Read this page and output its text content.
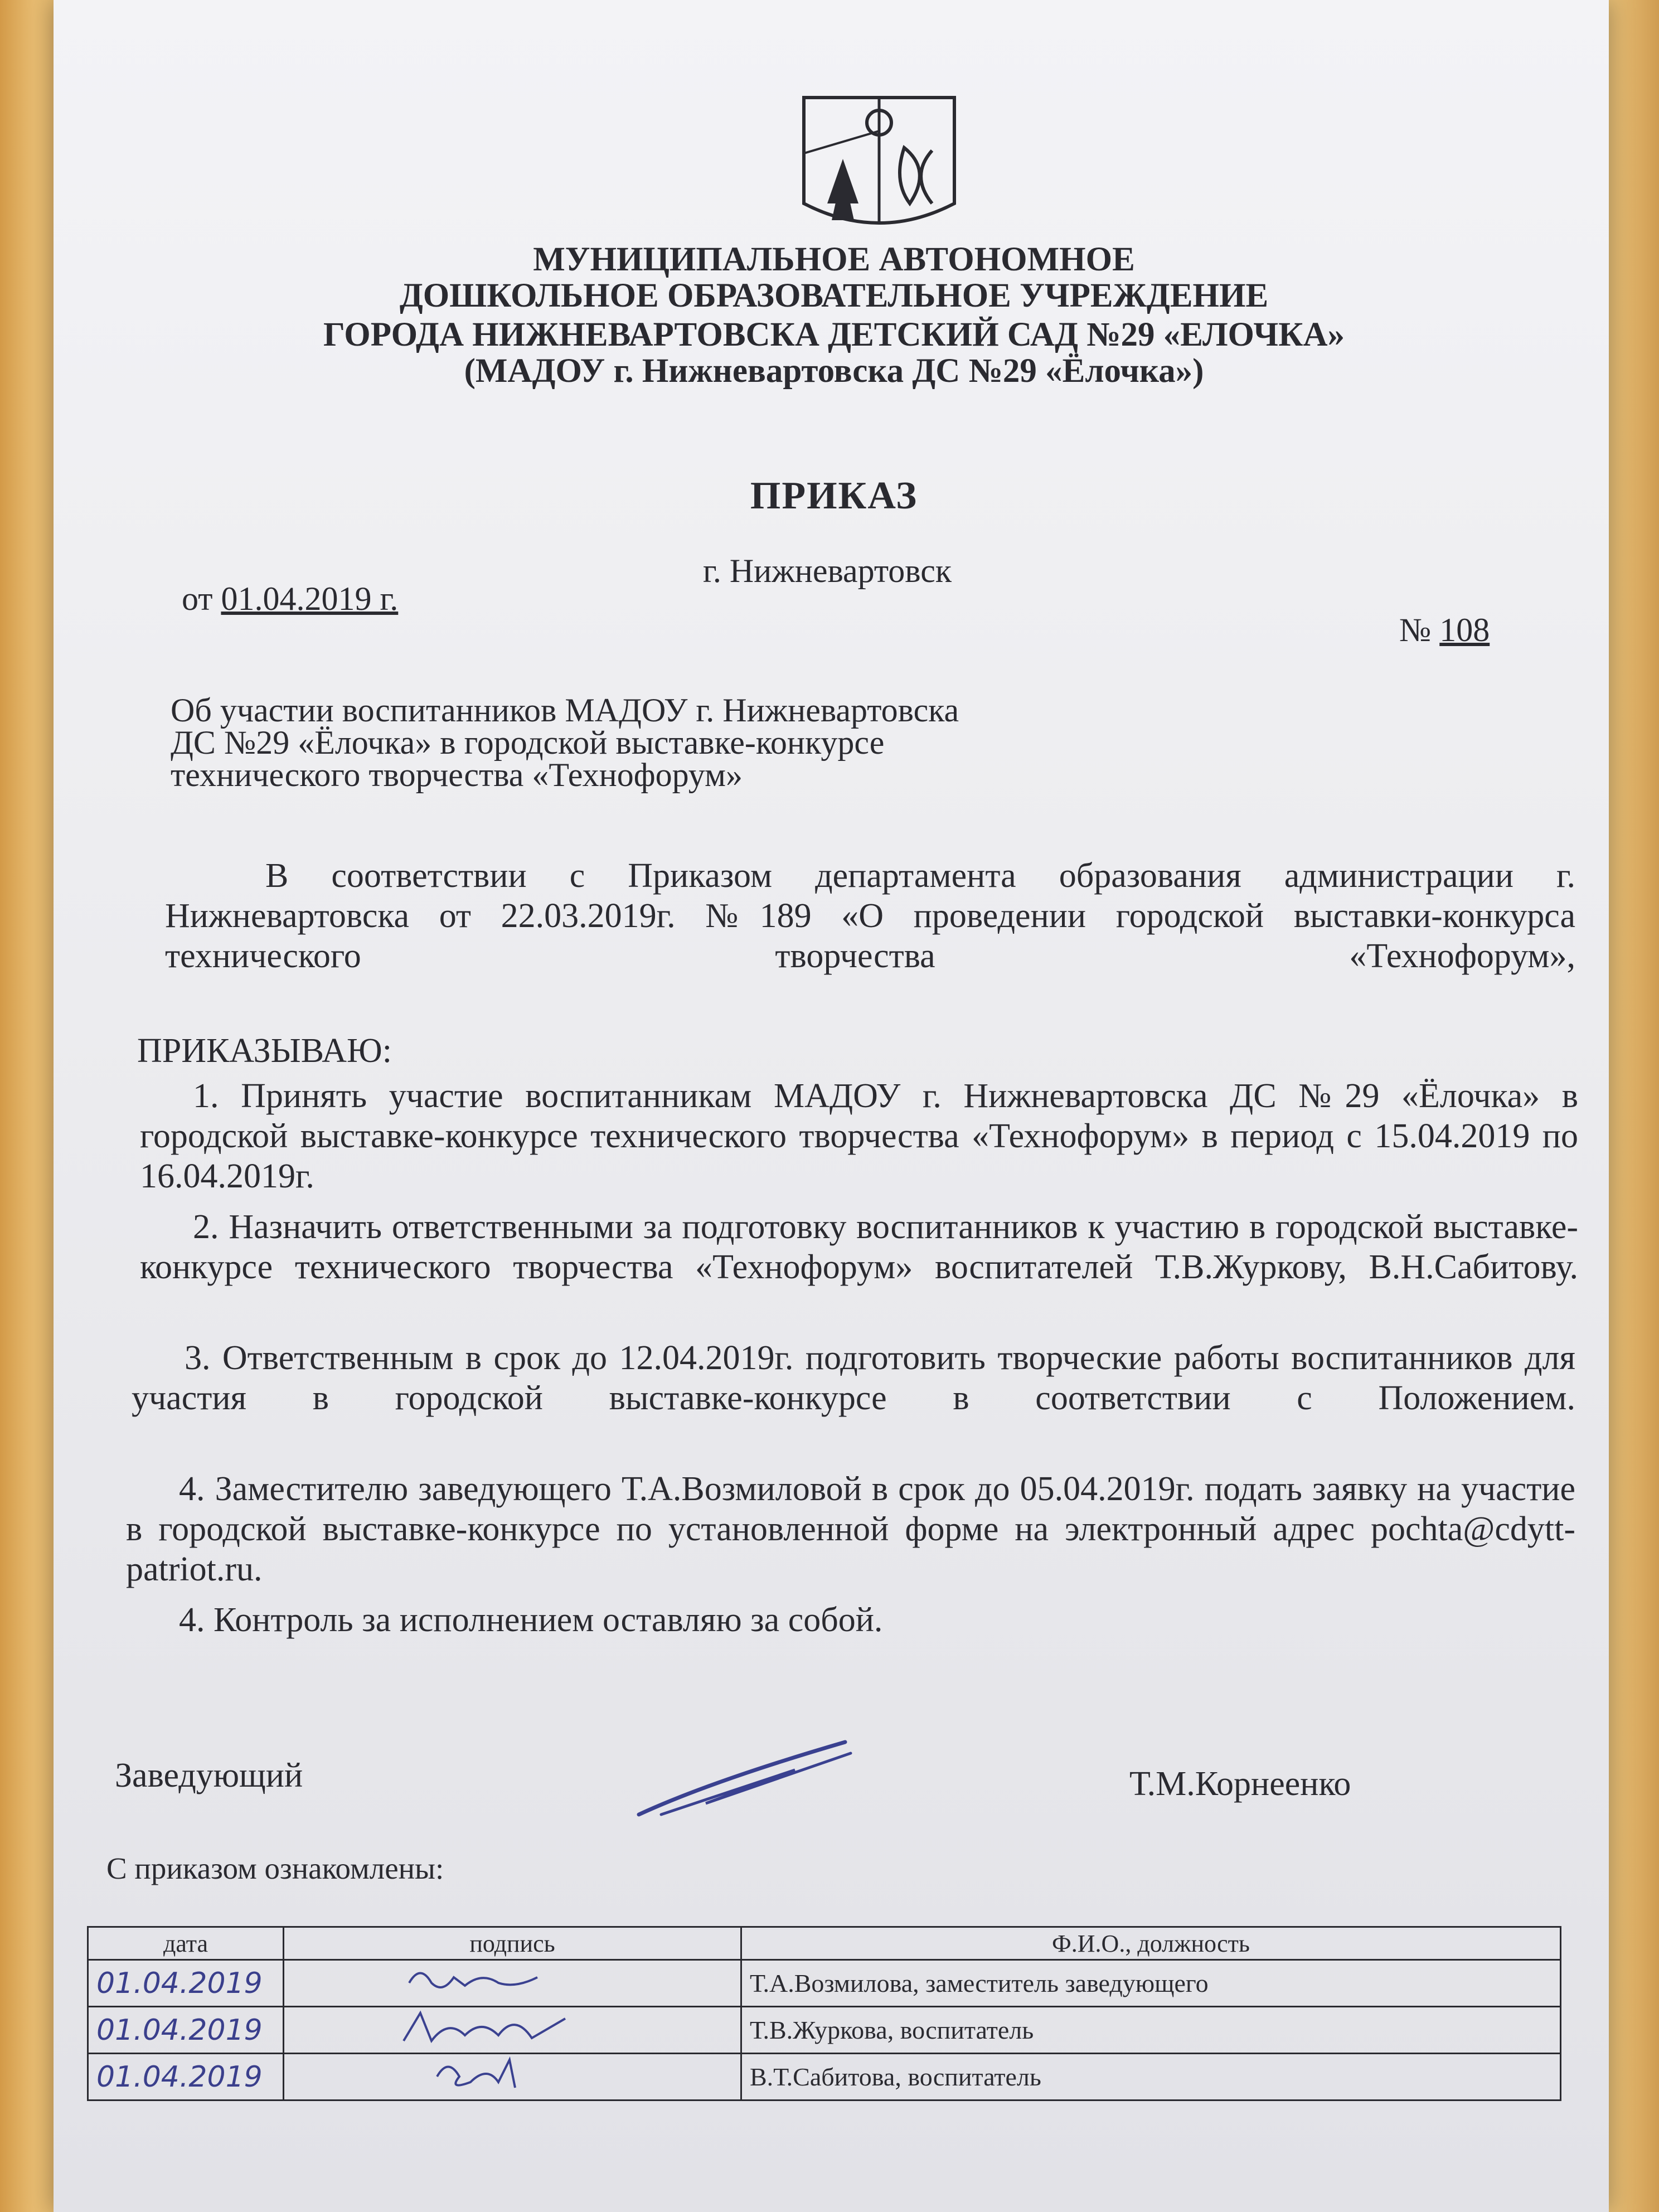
МУНИЦИПАЛЬНОЕ АВТОНОМНОЕ
ДОШКОЛЬНОЕ ОБРАЗОВАТЕЛЬНОЕ УЧРЕЖДЕНИЕ
ГОРОДА НИЖНЕВАРТОВСКА ДЕТСКИЙ САД №29 «ЕЛОЧКА»
(МАДОУ г. Нижневартовска ДС №29 «Ёлочка»)
ПРИКАЗ
г. Нижневартовск
от 01.04.2019 г.
№ 108
Об участии воспитанников МАДОУ г. Нижневартовска
ДС №29 «Ёлочка» в городской выставке-конкурсе
технического творчества «Технофорум»
В соответствии с Приказом департамента образования администрации г. Нижневартовска от 22.03.2019г. №189 «О проведении городской выставки-конкурса технического творчества «Технофорум»,
ПРИКАЗЫВАЮ:
1. Принять участие воспитанникам МАДОУ г. Нижневартовска ДС №29 «Ёлочка» в городской выставке-конкурсе технического творчества «Технофорум» в период с 15.04.2019 по 16.04.2019г.
2. Назначить ответственными за подготовку воспитанников к участию в городской выставке-конкурсе технического творчества «Технофорум» воспитателей Т.В.Журкову, В.Н.Сабитову.
3. Ответственным в срок до 12.04.2019г. подготовить творческие работы воспитанников для участия в городской выставке-конкурсе в соответствии с Положением.
4. Заместителю заведующего Т.А.Возмиловой в срок до 05.04.2019г. подать заявку на участие в городской выставке-конкурсе по установленной форме на электронный адрес pochta@cdytt-patriot.ru.
4. Контроль за исполнением оставляю за собой.
Заведующий	Т.М.Корнеенко
С приказом ознакомлены:
дата	подпись	Ф.И.О., должность
01.04.2019		Т.А.Возмилова, заместитель заведующего
01.04.2019		Т.В.Журкова, воспитатель
01.04.2019		В.Т.Сабитова, воспитатель
